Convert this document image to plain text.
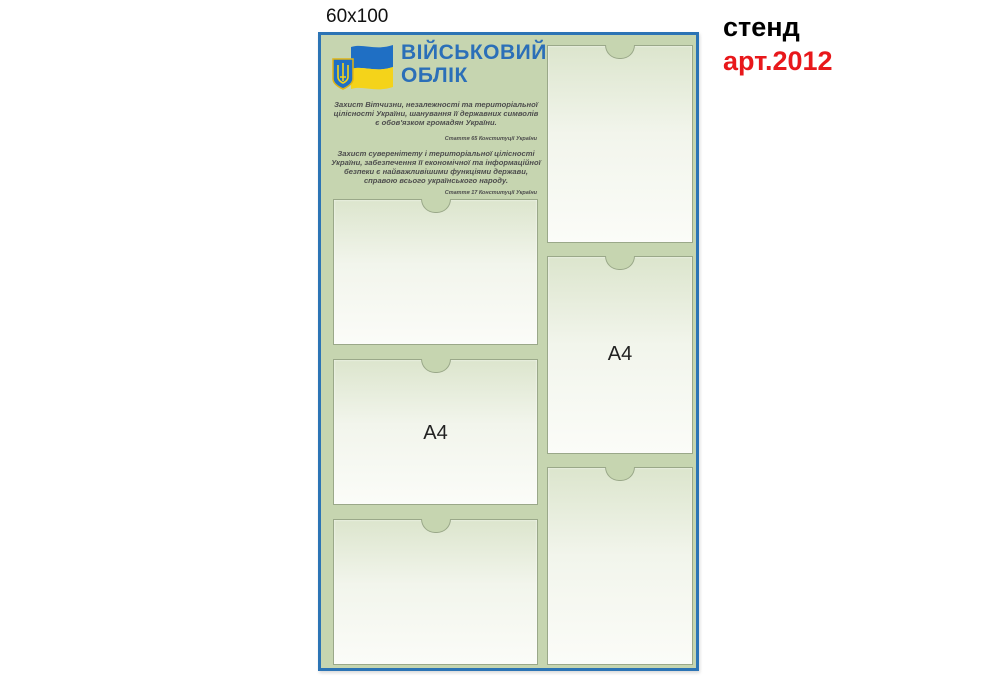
60x100	стенд
арт.2012
ВІЙСЬКОВИЙ
ОБЛІК
Захист Вітчизни, незалежності та територіальної цілісності України, шанування її державних символів є обов'язком громадян України.
Стаття 65 Конституції України
Захист суверенітету і територіальної цілісності України, забезпечення її економічної та інформаційної безпеки є найважливішими функціями держави, справою всього українського народу.
Стаття 17 Конституції України
A4
A4
